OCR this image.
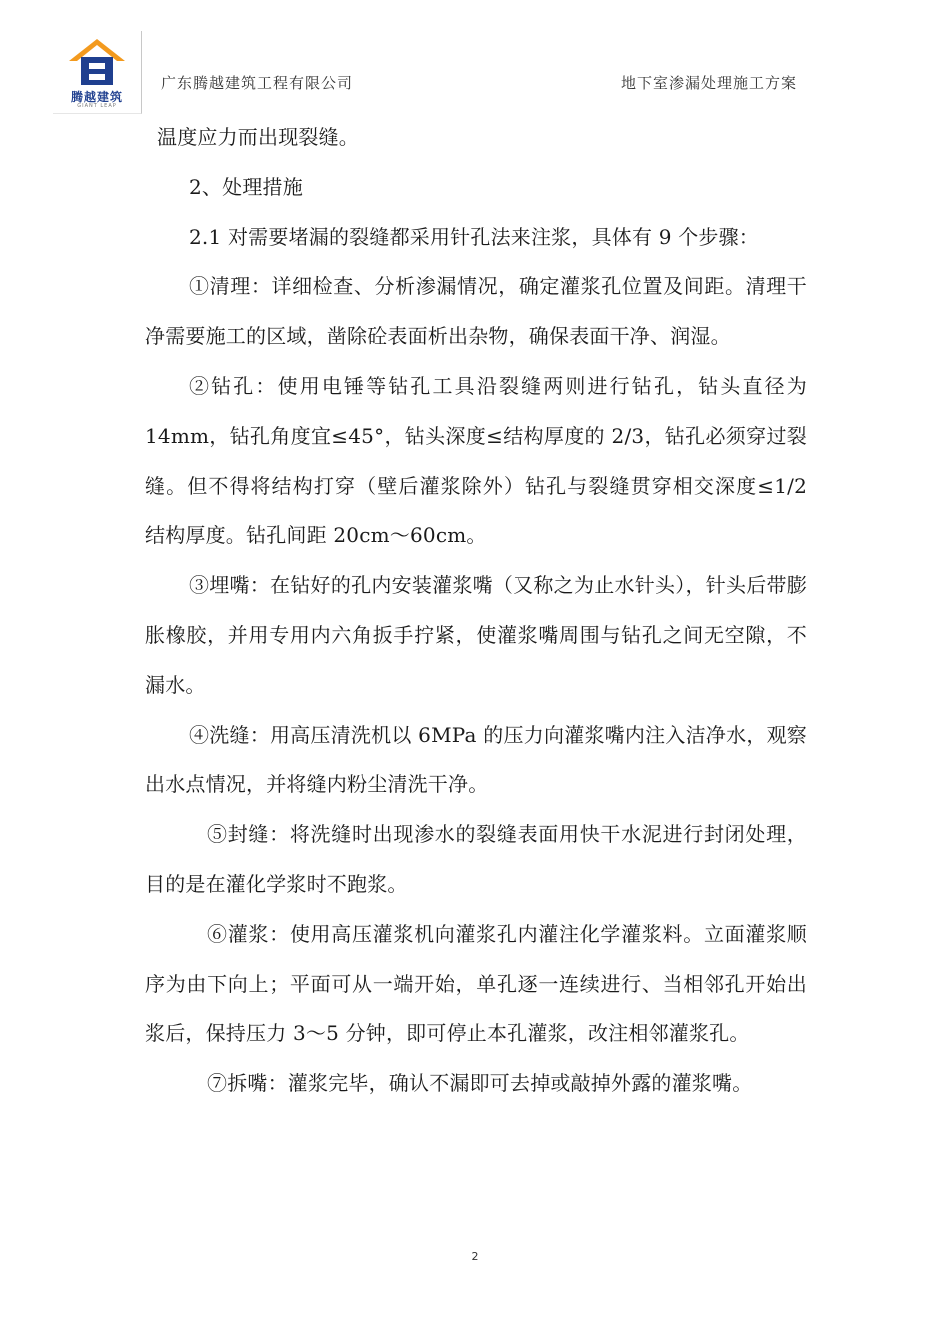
腾越建筑
GIANT LEAP
广东腾越建筑工程有限公司	地下室渗漏处理施工方案

温度应力而出现裂缝。

2、处理措施

2.1 对需要堵漏的裂缝都采用针孔法来注浆，具体有 9 个步骤：

①清理：详细检查、分析渗漏情况，确定灌浆孔位置及间距。清理干净需要施工的区域，凿除砼表面析出杂物，确保表面干净、润湿。

②钻孔：使用电锤等钻孔工具沿裂缝两则进行钻孔，钻头直径为 14mm，钻孔角度宜≤45°，钻头深度≤结构厚度的 2/3，钻孔必须穿过裂缝。但不得将结构打穿（壁后灌浆除外）钻孔与裂缝贯穿相交深度≤1/2 结构厚度。钻孔间距 20cm～60cm。

③埋嘴：在钻好的孔内安装灌浆嘴（又称之为止水针头），针头后带膨胀橡胶，并用专用内六角扳手拧紧，使灌浆嘴周围与钻孔之间无空隙，不漏水。

④洗缝：用高压清洗机以 6MPa 的压力向灌浆嘴内注入洁净水，观察出水点情况，并将缝内粉尘清洗干净。

⑤封缝：将洗缝时出现渗水的裂缝表面用快干水泥进行封闭处理，目的是在灌化学浆时不跑浆。

⑥灌浆：使用高压灌浆机向灌浆孔内灌注化学灌浆料。立面灌浆顺序为由下向上；平面可从一端开始，单孔逐一连续进行、当相邻孔开始出浆后，保持压力 3～5 分钟，即可停止本孔灌浆，改注相邻灌浆孔。

⑦拆嘴：灌浆完毕，确认不漏即可去掉或敲掉外露的灌浆嘴。

2
